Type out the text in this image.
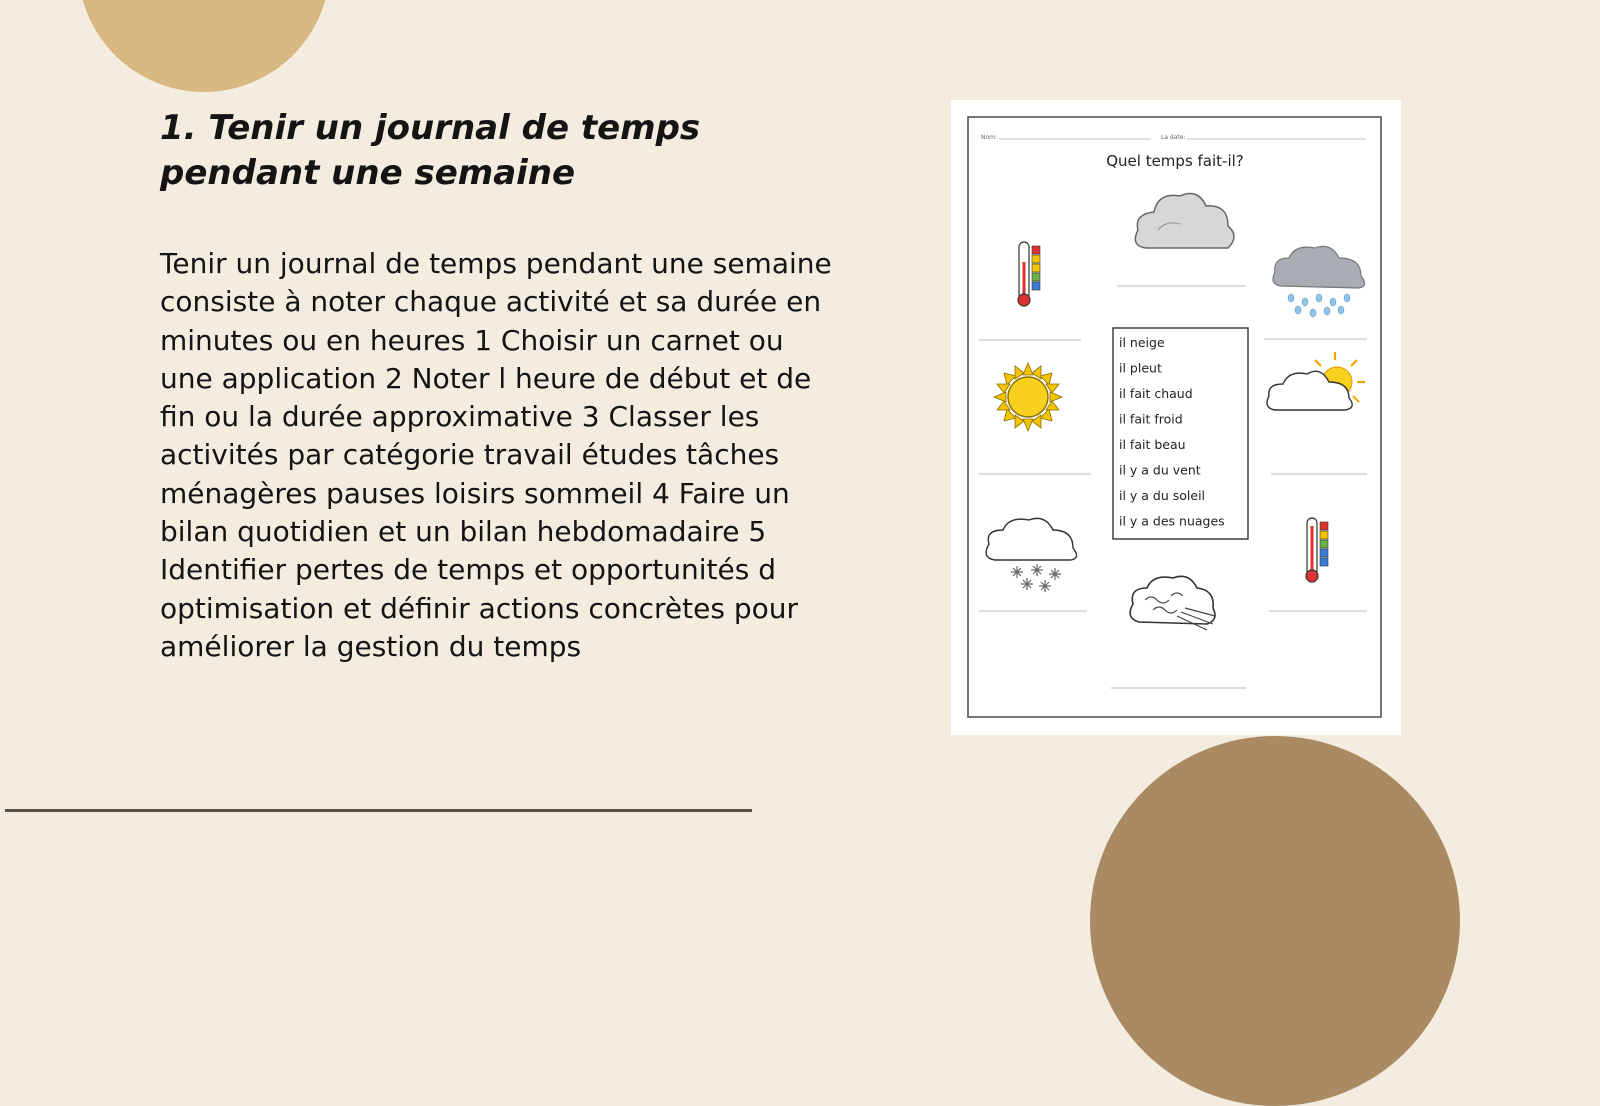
1. Tenir un journal de temps pendant une semaine

Tenir un journal de temps pendant une semaine consiste à noter chaque activité et sa durée en minutes ou en heures 1 Choisir un carnet ou une application 2 Noter l heure de début et de fin ou la durée approximative 3 Classer les activités par catégorie travail études tâches ménagères pauses loisirs sommeil 4 Faire un bilan quotidien et un bilan hebdomadaire 5 Identifier pertes de temps et opportunités d optimisation et définir actions concrètes pour améliorer la gestion du temps

Nom:	La date:
Quel temps fait-il?
il neige
il pleut
il fait chaud
il fait froid
il fait beau
il y a du vent
il y a du soleil
il y a des nuages
